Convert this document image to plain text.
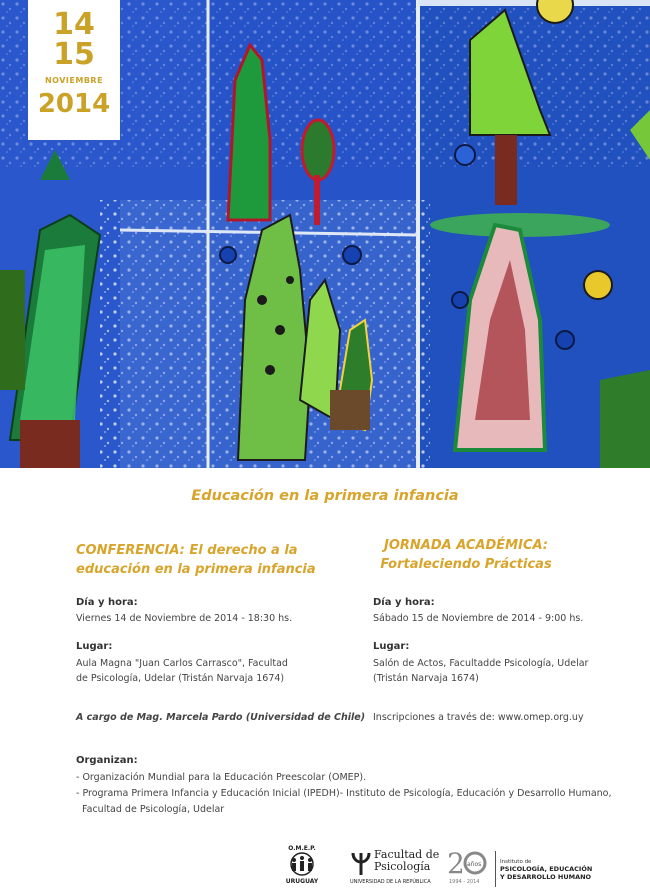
14
15
NOVIEMBRE
2014
Educación en la primera infancia
CONFERENCIA: El derecho a la
educación en la primera infancia
Día y hora:
Viernes 14 de Noviembre de 2014 - 18:30 hs.
Lugar:
Aula Magna "Juan Carlos Carrasco", Facultad
de Psicología, Udelar (Tristán Narvaja 1674)
A cargo de Mag. Marcela Pardo (Universidad de Chile)
JORNADA ACADÉMICA:
Fortaleciendo Prácticas
Día y hora:
Sábado 15 de Noviembre de 2014 - 9:00 hs.
Lugar:
Salón de Actos, Facultadde Psicología, Udelar
(Tristán Narvaja 1674)
Inscripciones a través de: www.omep.org.uy
Organizan:
- Organización Mundial para la Educación Preescolar (OMEP).
- Programa Primera Infancia y Educación Inicial (IPEDH)- Instituto de Psicología, Educación y Desarrollo Humano,
Facultad de Psicología, Udelar
O.M.E.P.
URUGUAY
Facultad de
Psicología
UNIVERSIDAD DE LA REPÚBLICA
2 años
1994 - 2014
Instituto de
PSICOLOGÍA, EDUCACIÓN
Y DESARROLLO HUMANO
